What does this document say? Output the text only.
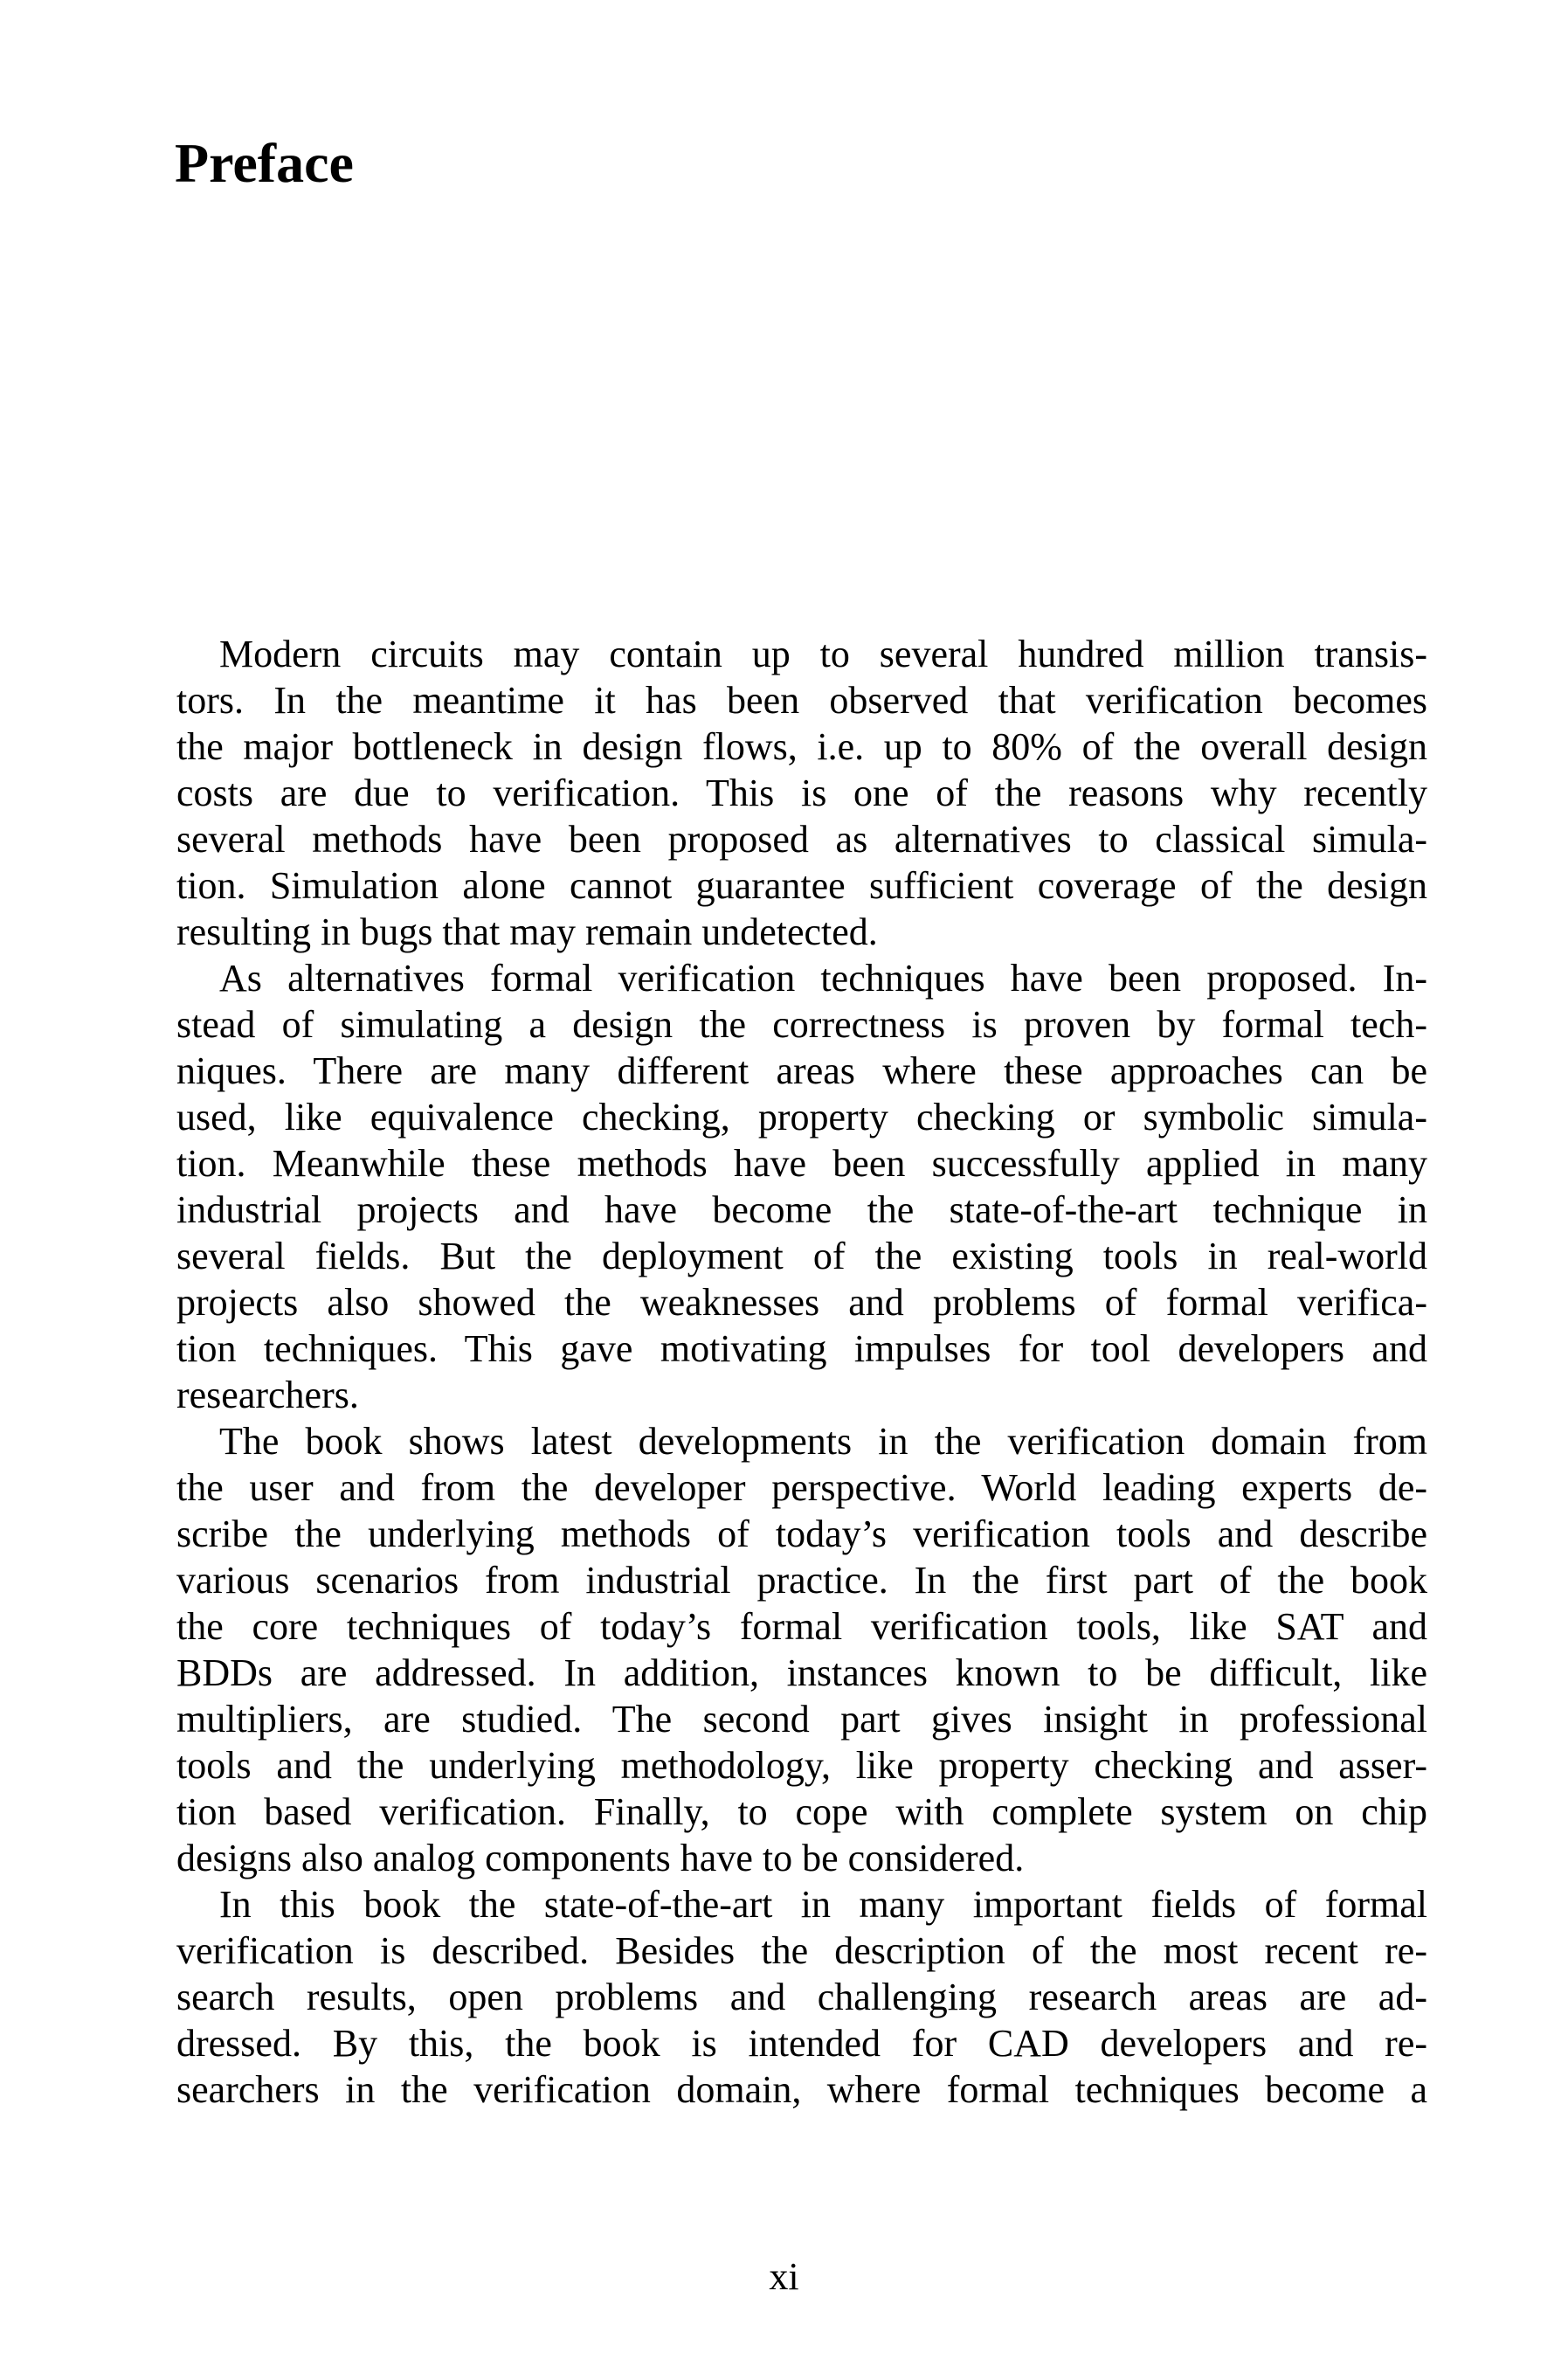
Preface
Modern circuits may contain up to several hundred million transis-
tors. In the meantime it has been observed that verification becomes
the major bottleneck in design flows, i.e. up to 80% of the overall design
costs are due to verification. This is one of the reasons why recently
several methods have been proposed as alternatives to classical simula-
tion. Simulation alone cannot guarantee sufficient coverage of the design
resulting in bugs that may remain undetected.
As alternatives formal verification techniques have been proposed. In-
stead of simulating a design the correctness is proven by formal tech-
niques. There are many different areas where these approaches can be
used, like equivalence checking, property checking or symbolic simula-
tion. Meanwhile these methods have been successfully applied in many
industrial projects and have become the state-of-the-art technique in
several fields. But the deployment of the existing tools in real-world
projects also showed the weaknesses and problems of formal verifica-
tion techniques. This gave motivating impulses for tool developers and
researchers.
The book shows latest developments in the verification domain from
the user and from the developer perspective. World leading experts de-
scribe the underlying methods of today’s verification tools and describe
various scenarios from industrial practice. In the first part of the book
the core techniques of today’s formal verification tools, like SAT and
BDDs are addressed. In addition, instances known to be difficult, like
multipliers, are studied. The second part gives insight in professional
tools and the underlying methodology, like property checking and asser-
tion based verification. Finally, to cope with complete system on chip
designs also analog components have to be considered.
In this book the state-of-the-art in many important fields of formal
verification is described. Besides the description of the most recent re-
search results, open problems and challenging research areas are ad-
dressed. By this, the book is intended for CAD developers and re-
searchers in the verification domain, where formal techniques become a
xi
